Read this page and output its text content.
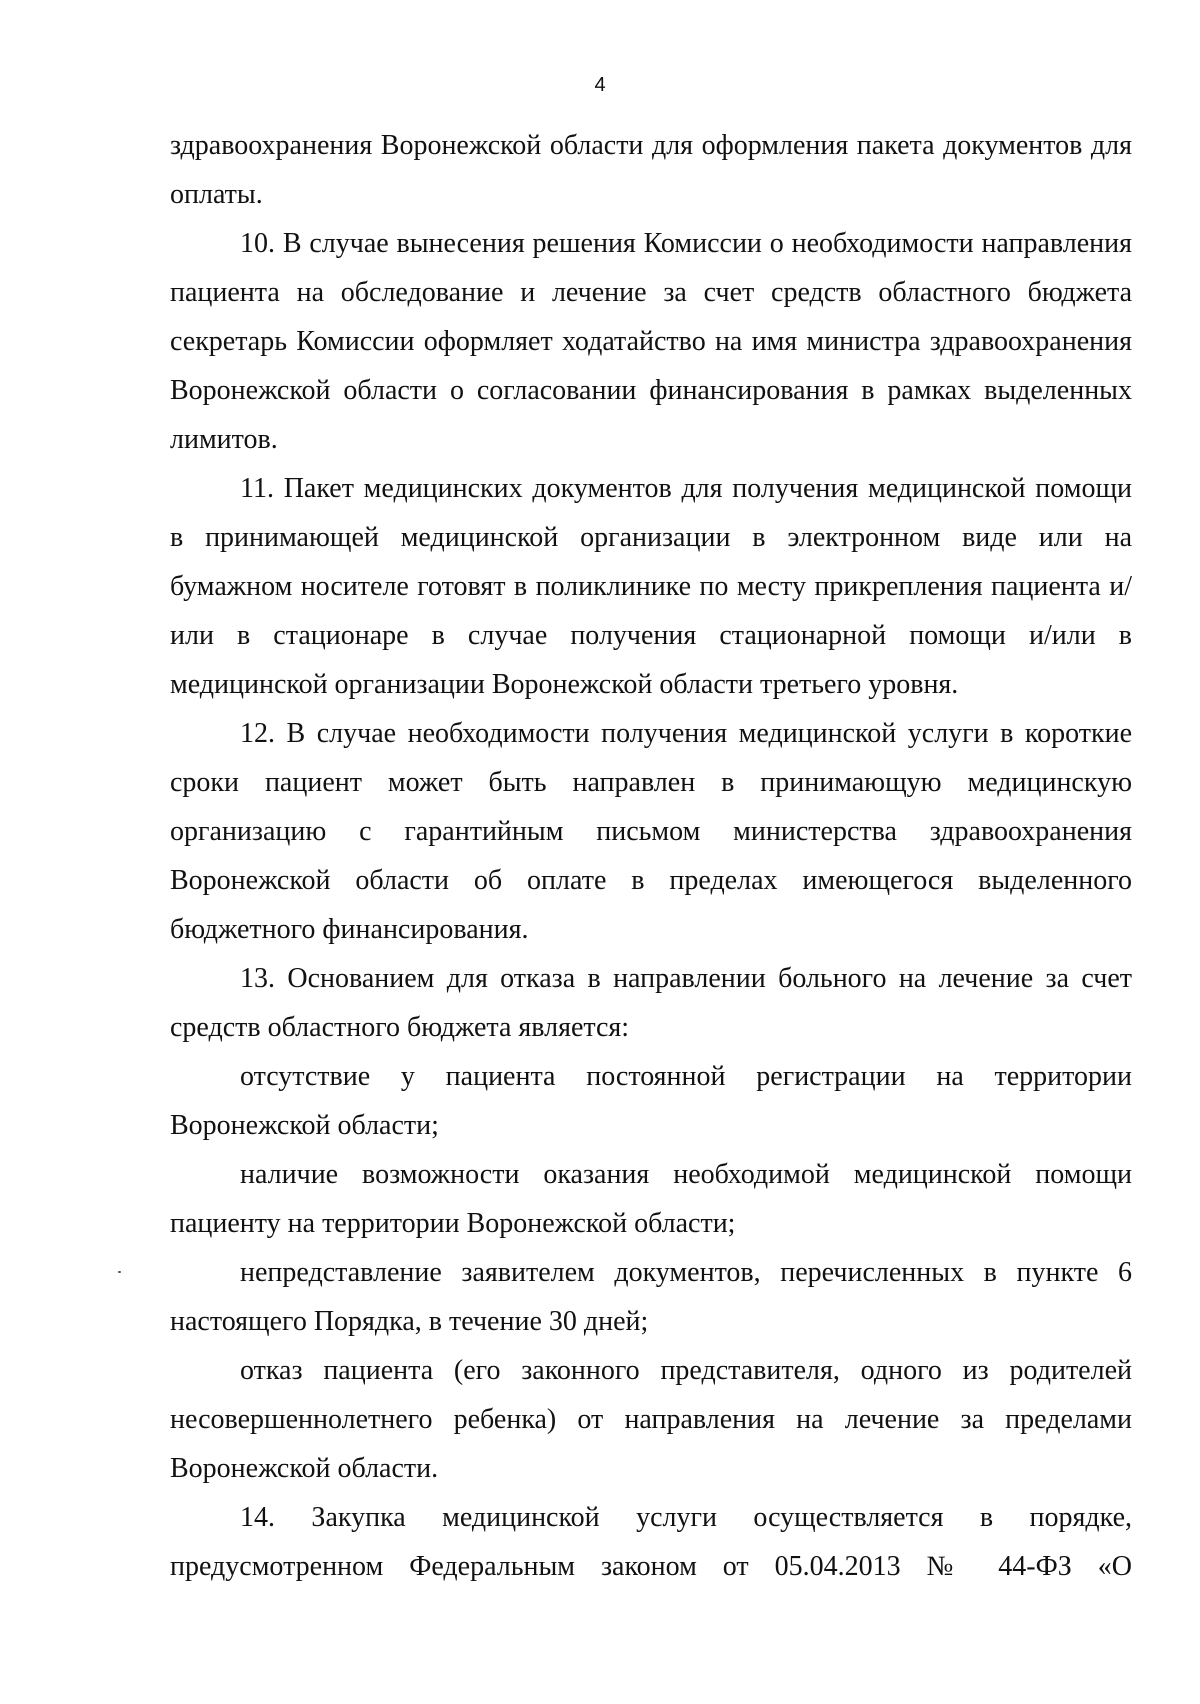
4

здравоохранения Воронежской области для оформления пакета документов для оплаты.

10. В случае вынесения решения Комиссии о необходимости направления пациента на обследование и лечение за счет средств областного бюджета секретарь Комиссии оформляет ходатайство на имя министра здравоохранения Воронежской области о согласовании финансирования в рамках выделенных лимитов.

11. Пакет медицинских документов для получения медицинской помощи в принимающей медицинской организации в электронном виде или на бумажном носителе готовят в поликлинике по месту прикрепления пациента и/или в стационаре в случае получения стационарной помощи и/или в медицинской организации Воронежской области третьего уровня.

12. В случае необходимости получения медицинской услуги в короткие сроки пациент может быть направлен в принимающую медицинскую организацию с гарантийным письмом министерства здравоохранения Воронежской области об оплате в пределах имеющегося выделенного бюджетного финансирования.

13. Основанием для отказа в направлении больного на лечение за счет средств областного бюджета является:

отсутствие у пациента постоянной регистрации на территории Воронежской области;

наличие возможности оказания необходимой медицинской помощи пациенту на территории Воронежской области;

непредставление заявителем документов, перечисленных в пункте 6 настоящего Порядка, в течение 30 дней;

отказ пациента (его законного представителя, одного из родителей несовершеннолетнего ребенка) от направления на лечение за пределами Воронежской области.

14. Закупка медицинской услуги осуществляется в порядке, предусмотренном Федеральным законом от 05.04.2013 № 44-ФЗ «О
